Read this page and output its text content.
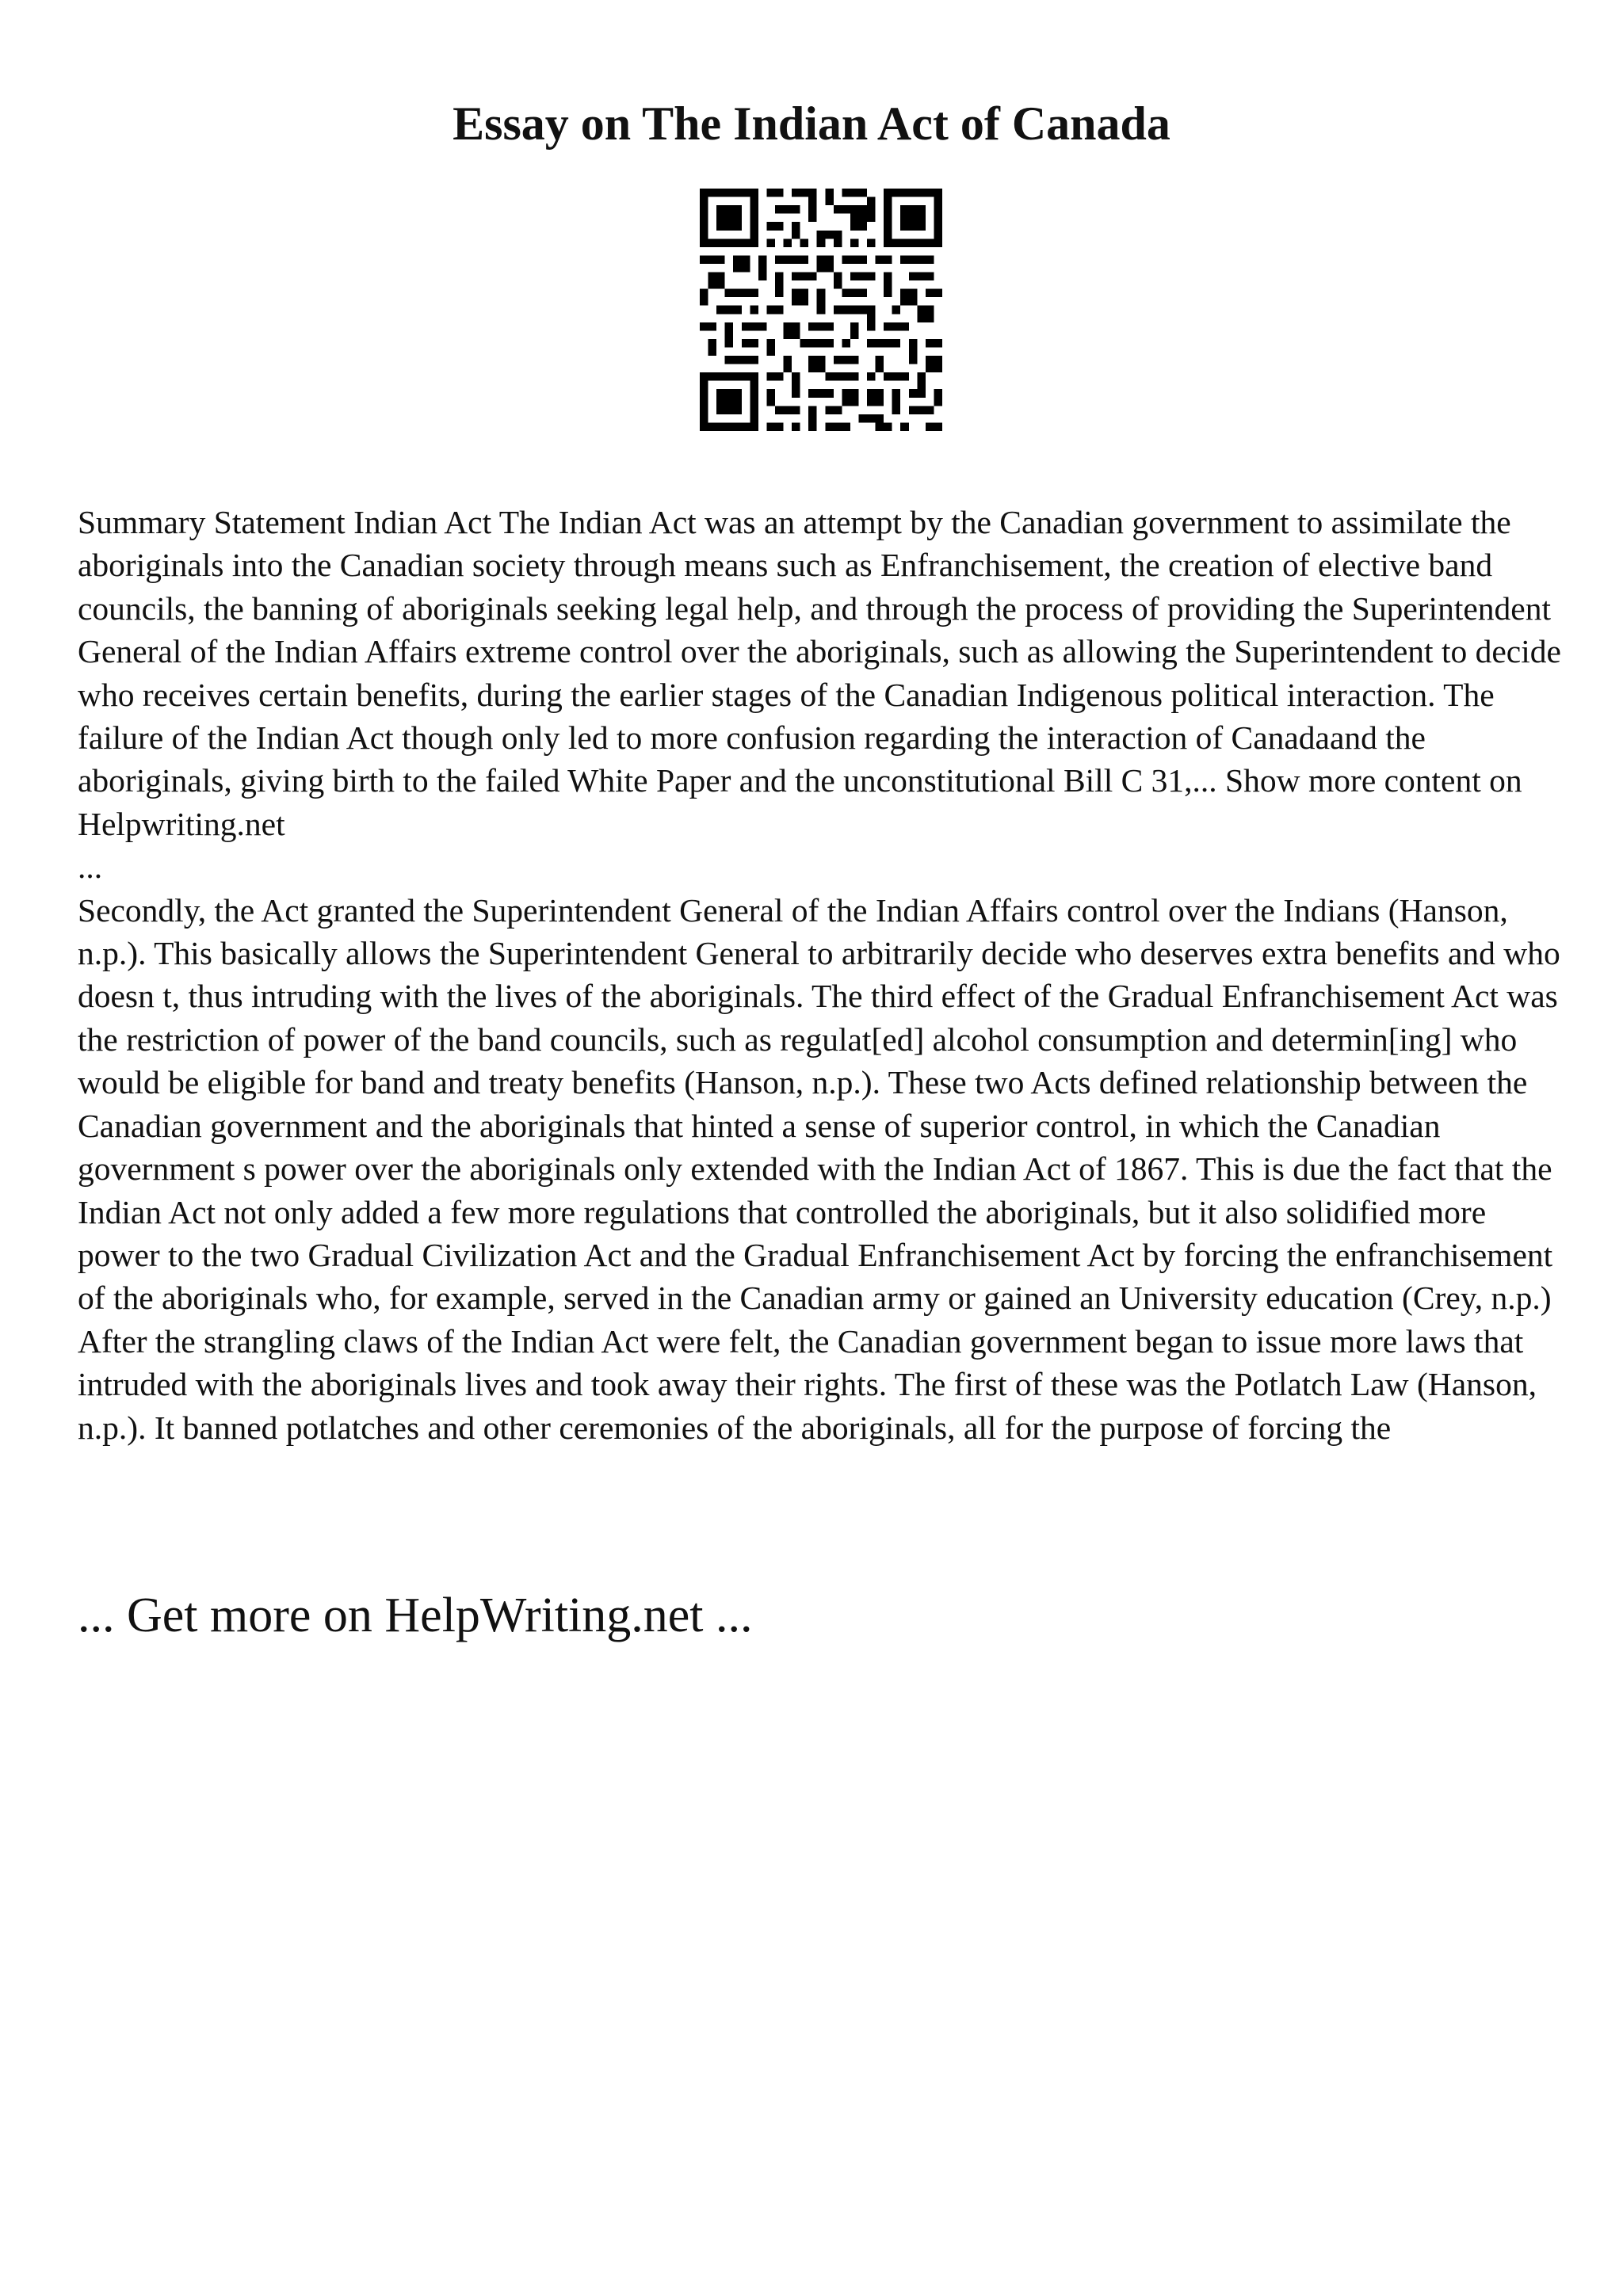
Essay on The Indian Act of Canada

Summary Statement Indian Act The Indian Act was an attempt by the Canadian government to assimilate the aboriginals into the Canadian society through means such as Enfranchisement, the creation of elective band councils, the banning of aboriginals seeking legal help, and through the process of providing the Superintendent General of the Indian Affairs extreme control over the aboriginals, such as allowing the Superintendent to decide who receives certain benefits, during the earlier stages of the Canadian Indigenous political interaction. The failure of the Indian Act though only led to more confusion regarding the interaction of Canadaand the aboriginals, giving birth to the failed White Paper and the unconstitutional Bill C 31,... Show more content on Helpwriting.net

...

Secondly, the Act granted the Superintendent General of the Indian Affairs control over the Indians (Hanson, n.p.). This basically allows the Superintendent General to arbitrarily decide who deserves extra benefits and who doesn t, thus intruding with the lives of the aboriginals. The third effect of the Gradual Enfranchisement Act was the restriction of power of the band councils, such as regulat[ed] alcohol consumption and determin[ing] who would be eligible for band and treaty benefits (Hanson, n.p.). These two Acts defined relationship between the Canadian government and the aboriginals that hinted a sense of superior control, in which the Canadian government s power over the aboriginals only extended with the Indian Act of 1867. This is due the fact that the Indian Act not only added a few more regulations that controlled the aboriginals, but it also solidified more power to the two Gradual Civilization Act and the Gradual Enfranchisement Act by forcing the enfranchisement of the aboriginals who, for example, served in the Canadian army or gained an University education (Crey, n.p.) After the strangling claws of the Indian Act were felt, the Canadian government began to issue more laws that intruded with the aboriginals lives and took away their rights. The first of these was the Potlatch Law (Hanson, n.p.). It banned potlatches and other ceremonies of the aboriginals, all for the purpose of forcing the

... Get more on HelpWriting.net ...
